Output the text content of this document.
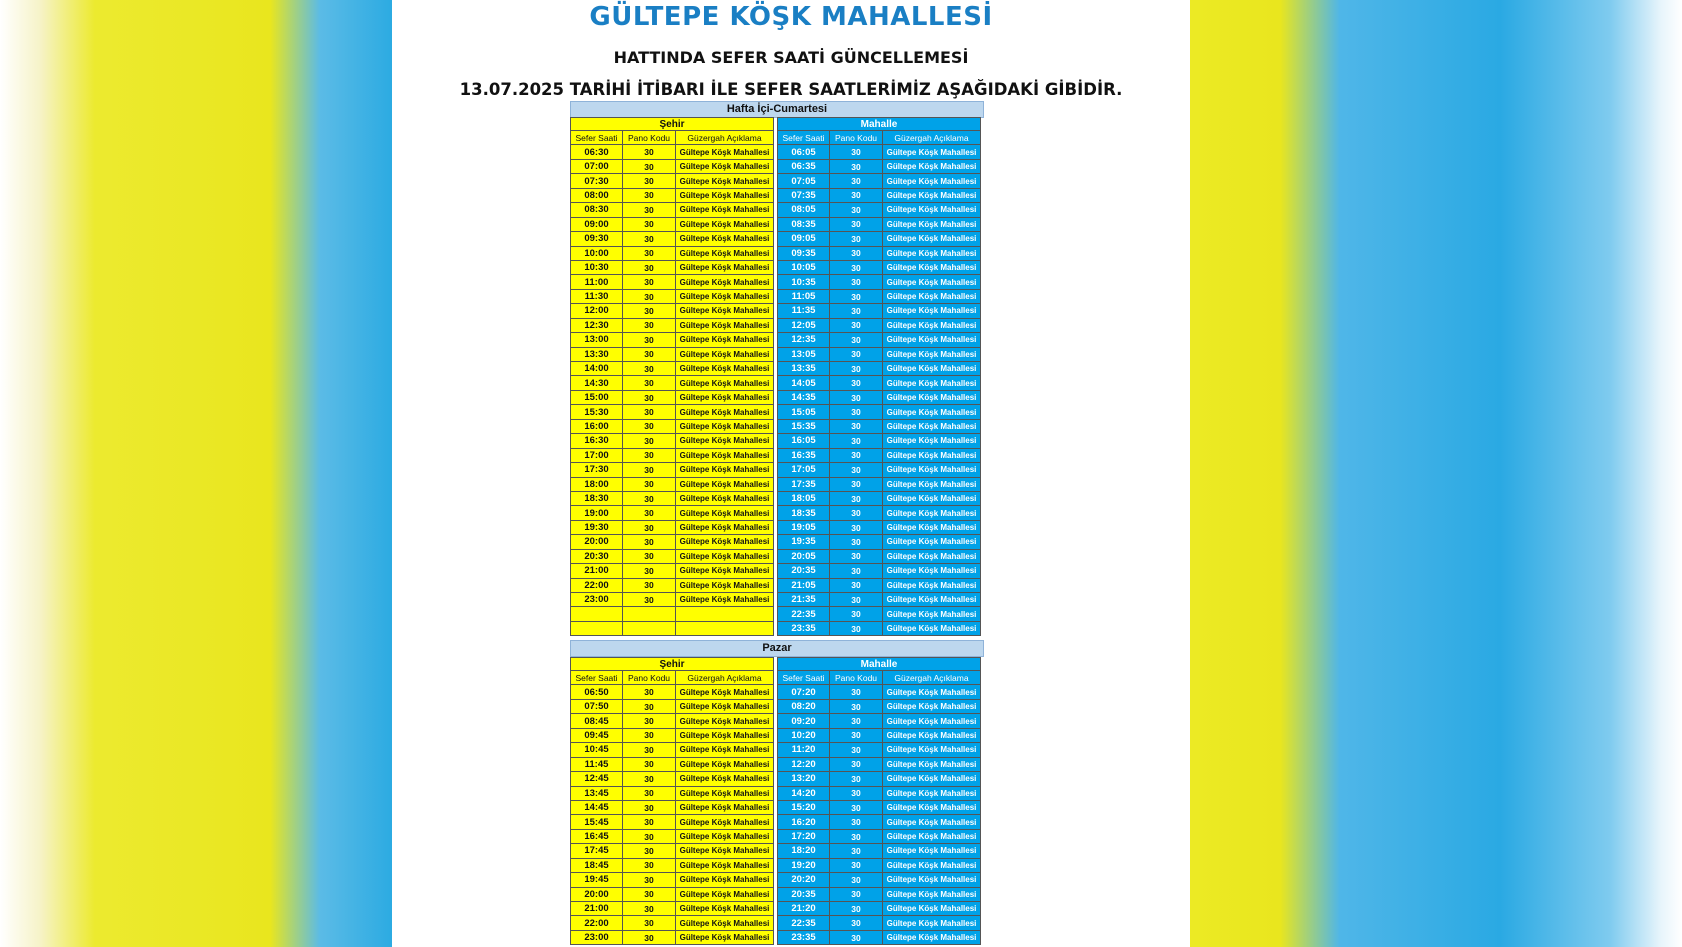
GÜLTEPE KÖŞK MAHALLESİ
HATTINDA SEFER SAATİ GÜNCELLEMESİ
13.07.2025 TARİHİ İTİBARI İLE SEFER SAATLERİMİZ AŞAĞIDAKİ GİBİDİR.
Hafta İçi-Cumartesi
Şehir
Sefer Saati	Pano Kodu	Güzergah Açıklama
06:30	30	Gültepe Köşk Mahallesi
07:00	30	Gültepe Köşk Mahallesi
07:30	30	Gültepe Köşk Mahallesi
08:00	30	Gültepe Köşk Mahallesi
08:30	30	Gültepe Köşk Mahallesi
09:00	30	Gültepe Köşk Mahallesi
09:30	30	Gültepe Köşk Mahallesi
10:00	30	Gültepe Köşk Mahallesi
10:30	30	Gültepe Köşk Mahallesi
11:00	30	Gültepe Köşk Mahallesi
11:30	30	Gültepe Köşk Mahallesi
12:00	30	Gültepe Köşk Mahallesi
12:30	30	Gültepe Köşk Mahallesi
13:00	30	Gültepe Köşk Mahallesi
13:30	30	Gültepe Köşk Mahallesi
14:00	30	Gültepe Köşk Mahallesi
14:30	30	Gültepe Köşk Mahallesi
15:00	30	Gültepe Köşk Mahallesi
15:30	30	Gültepe Köşk Mahallesi
16:00	30	Gültepe Köşk Mahallesi
16:30	30	Gültepe Köşk Mahallesi
17:00	30	Gültepe Köşk Mahallesi
17:30	30	Gültepe Köşk Mahallesi
18:00	30	Gültepe Köşk Mahallesi
18:30	30	Gültepe Köşk Mahallesi
19:00	30	Gültepe Köşk Mahallesi
19:30	30	Gültepe Köşk Mahallesi
20:00	30	Gültepe Köşk Mahallesi
20:30	30	Gültepe Köşk Mahallesi
21:00	30	Gültepe Köşk Mahallesi
22:00	30	Gültepe Köşk Mahallesi
23:00	30	Gültepe Köşk Mahallesi
Mahalle
Sefer Saati	Pano Kodu	Güzergah Açıklama
06:05	30	Gültepe Köşk Mahallesi
06:35	30	Gültepe Köşk Mahallesi
07:05	30	Gültepe Köşk Mahallesi
07:35	30	Gültepe Köşk Mahallesi
08:05	30	Gültepe Köşk Mahallesi
08:35	30	Gültepe Köşk Mahallesi
09:05	30	Gültepe Köşk Mahallesi
09:35	30	Gültepe Köşk Mahallesi
10:05	30	Gültepe Köşk Mahallesi
10:35	30	Gültepe Köşk Mahallesi
11:05	30	Gültepe Köşk Mahallesi
11:35	30	Gültepe Köşk Mahallesi
12:05	30	Gültepe Köşk Mahallesi
12:35	30	Gültepe Köşk Mahallesi
13:05	30	Gültepe Köşk Mahallesi
13:35	30	Gültepe Köşk Mahallesi
14:05	30	Gültepe Köşk Mahallesi
14:35	30	Gültepe Köşk Mahallesi
15:05	30	Gültepe Köşk Mahallesi
15:35	30	Gültepe Köşk Mahallesi
16:05	30	Gültepe Köşk Mahallesi
16:35	30	Gültepe Köşk Mahallesi
17:05	30	Gültepe Köşk Mahallesi
17:35	30	Gültepe Köşk Mahallesi
18:05	30	Gültepe Köşk Mahallesi
18:35	30	Gültepe Köşk Mahallesi
19:05	30	Gültepe Köşk Mahallesi
19:35	30	Gültepe Köşk Mahallesi
20:05	30	Gültepe Köşk Mahallesi
20:35	30	Gültepe Köşk Mahallesi
21:05	30	Gültepe Köşk Mahallesi
21:35	30	Gültepe Köşk Mahallesi
22:35	30	Gültepe Köşk Mahallesi
23:35	30	Gültepe Köşk Mahallesi
Pazar
Şehir
Sefer Saati	Pano Kodu	Güzergah Açıklama
06:50	30	Gültepe Köşk Mahallesi
07:50	30	Gültepe Köşk Mahallesi
08:45	30	Gültepe Köşk Mahallesi
09:45	30	Gültepe Köşk Mahallesi
10:45	30	Gültepe Köşk Mahallesi
11:45	30	Gültepe Köşk Mahallesi
12:45	30	Gültepe Köşk Mahallesi
13:45	30	Gültepe Köşk Mahallesi
14:45	30	Gültepe Köşk Mahallesi
15:45	30	Gültepe Köşk Mahallesi
16:45	30	Gültepe Köşk Mahallesi
17:45	30	Gültepe Köşk Mahallesi
18:45	30	Gültepe Köşk Mahallesi
19:45	30	Gültepe Köşk Mahallesi
20:00	30	Gültepe Köşk Mahallesi
21:00	30	Gültepe Köşk Mahallesi
22:00	30	Gültepe Köşk Mahallesi
23:00	30	Gültepe Köşk Mahallesi
Mahalle
Sefer Saati	Pano Kodu	Güzergah Açıklama
07:20	30	Gültepe Köşk Mahallesi
08:20	30	Gültepe Köşk Mahallesi
09:20	30	Gültepe Köşk Mahallesi
10:20	30	Gültepe Köşk Mahallesi
11:20	30	Gültepe Köşk Mahallesi
12:20	30	Gültepe Köşk Mahallesi
13:20	30	Gültepe Köşk Mahallesi
14:20	30	Gültepe Köşk Mahallesi
15:20	30	Gültepe Köşk Mahallesi
16:20	30	Gültepe Köşk Mahallesi
17:20	30	Gültepe Köşk Mahallesi
18:20	30	Gültepe Köşk Mahallesi
19:20	30	Gültepe Köşk Mahallesi
20:20	30	Gültepe Köşk Mahallesi
20:35	30	Gültepe Köşk Mahallesi
21:20	30	Gültepe Köşk Mahallesi
22:35	30	Gültepe Köşk Mahallesi
23:35	30	Gültepe Köşk Mahallesi
